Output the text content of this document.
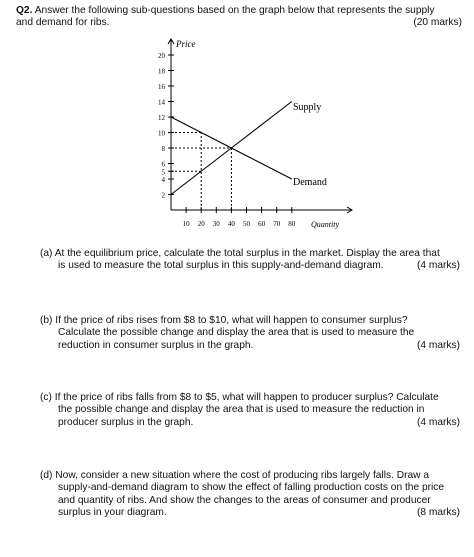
Q2. Answer the following sub-questions based on the graph below that represents the supply
and demand for ribs.	(20 marks)
20
18
16
14
12
10
8
6
5
4
2
10 20 30 40 50 60 70 80
Price
Quantity
Supply
Demand
(a) At the equilibrium price, calculate the total surplus in the market. Display the area that
is used to measure the total surplus in this supply-and-demand diagram.	(4 marks)
(b) If the price of ribs rises from $8 to $10, what will happen to consumer surplus?
Calculate the possible change and display the area that is used to measure the
reduction in consumer surplus in the graph.	(4 marks)
(c) If the price of ribs falls from $8 to $5, what will happen to producer surplus? Calculate
the possible change and display the area that is used to measure the reduction in
producer surplus in the graph.	(4 marks)
(d) Now, consider a new situation where the cost of producing ribs largely falls. Draw a
supply-and-demand diagram to show the effect of falling production costs on the price
and quantity of ribs. And show the changes to the areas of consumer and producer
surplus in your diagram.	(8 marks)
